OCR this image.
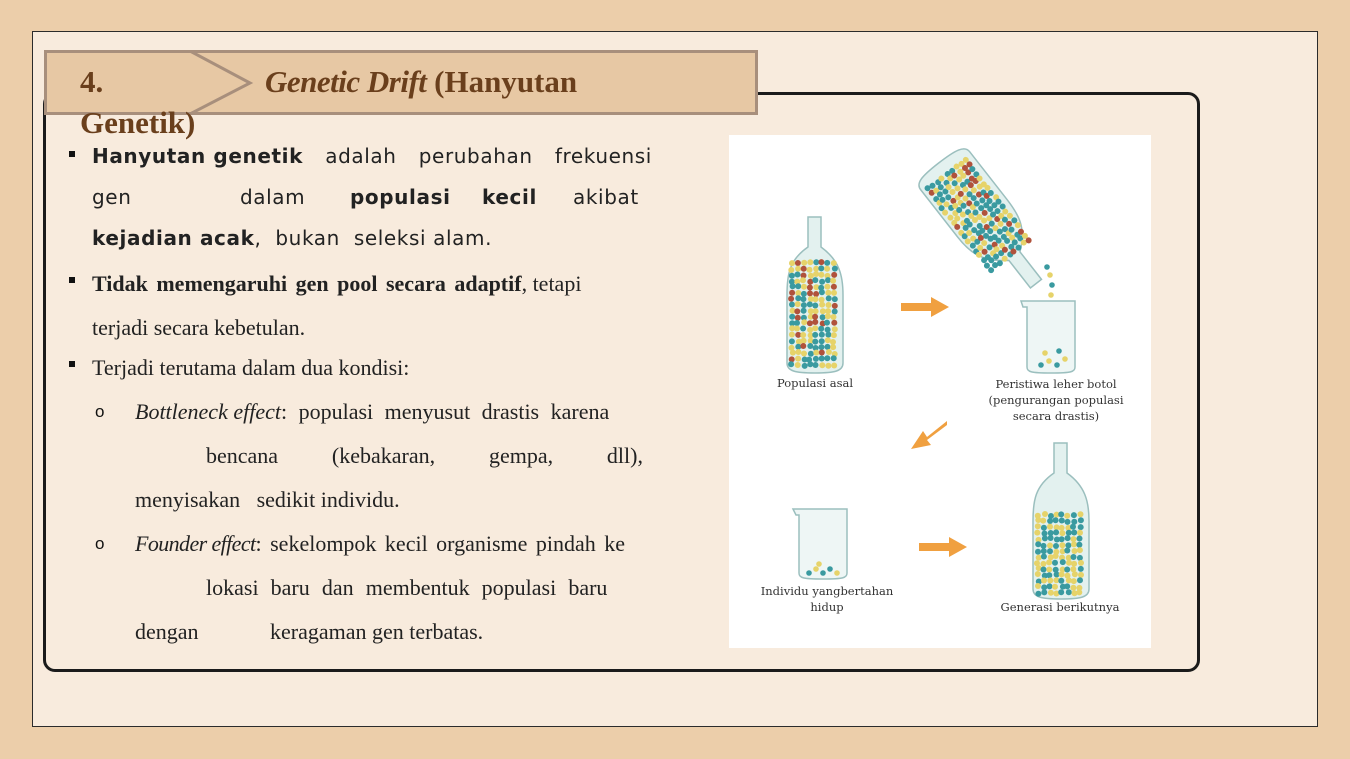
4.	Genetic Drift (Hanyutan
Genetik)
Hanyutan genetik adalah perubahan frekuensi
gen	dalam populasi kecil akibat
kejadian acak,  bukan  seleksi alam.
Tidak memengaruhi gen pool secara adaptif, tetapi
terjadi secara kebetulan.
Terjadi terutama dalam dua kondisi:
o Bottleneck effect: populasi menyusut drastis karena
bencana (kebakaran, gempa, dll),
menyisakan   sedikit individu.
o Founder effect: sekelompok kecil organisme pindah ke
lokasi baru dan membentuk populasi baru
dengan	keragaman gen terbatas.
Populasi asal	Peristiwa leher botol
(pengurangan populasi
secara drastis)
Individu yangbertahan
hidup	Generasi berikutnya
